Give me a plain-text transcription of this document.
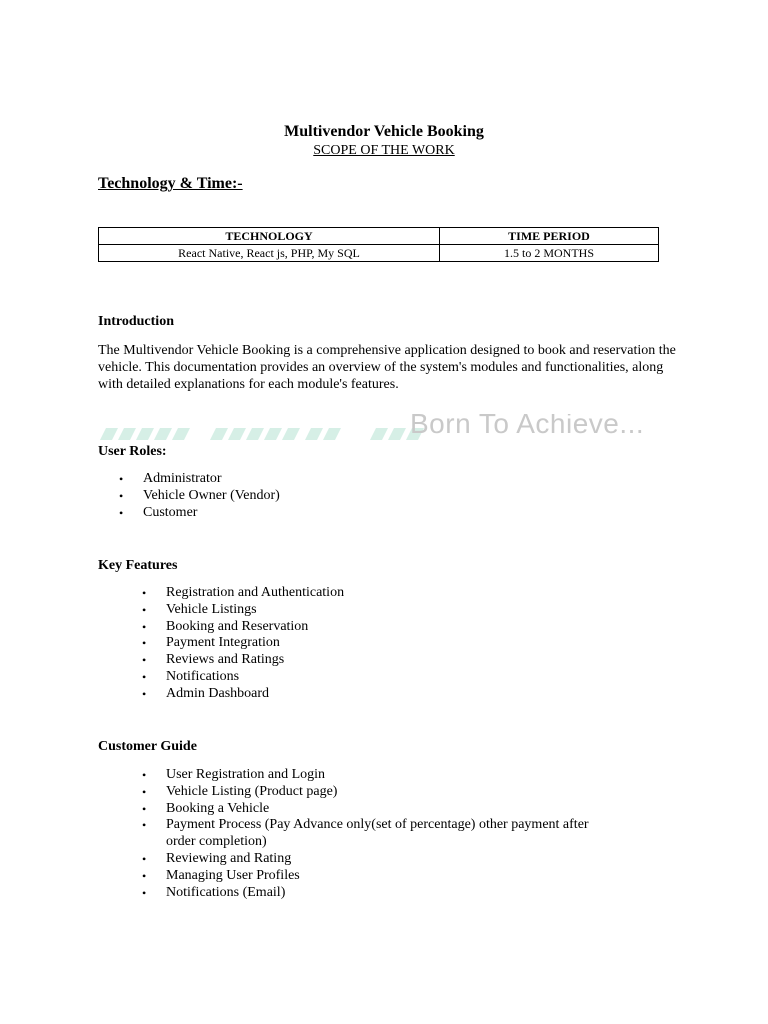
Multivendor Vehicle Booking
SCOPE OF THE WORK
Technology & Time:-
TECHNOLOGY	TIME PERIOD
React Native, React js, PHP, My SQL	1.5 to 2 MONTHS
Introduction
The Multivendor Vehicle Booking is a comprehensive application designed to book and reservation the vehicle. This documentation provides an overview of the system's modules and functionalities, along with detailed explanations for each module's features.
Born To Achieve...
User Roles:
• Administrator
• Vehicle Owner (Vendor)
• Customer
Key Features
• Registration and Authentication
• Vehicle Listings
• Booking and Reservation
• Payment Integration
• Reviews and Ratings
• Notifications
• Admin Dashboard
Customer Guide
• User Registration and Login
• Vehicle Listing (Product page)
• Booking a Vehicle
• Payment Process (Pay Advance only(set of percentage) other payment after order completion)
• Reviewing and Rating
• Managing User Profiles
• Notifications (Email)
